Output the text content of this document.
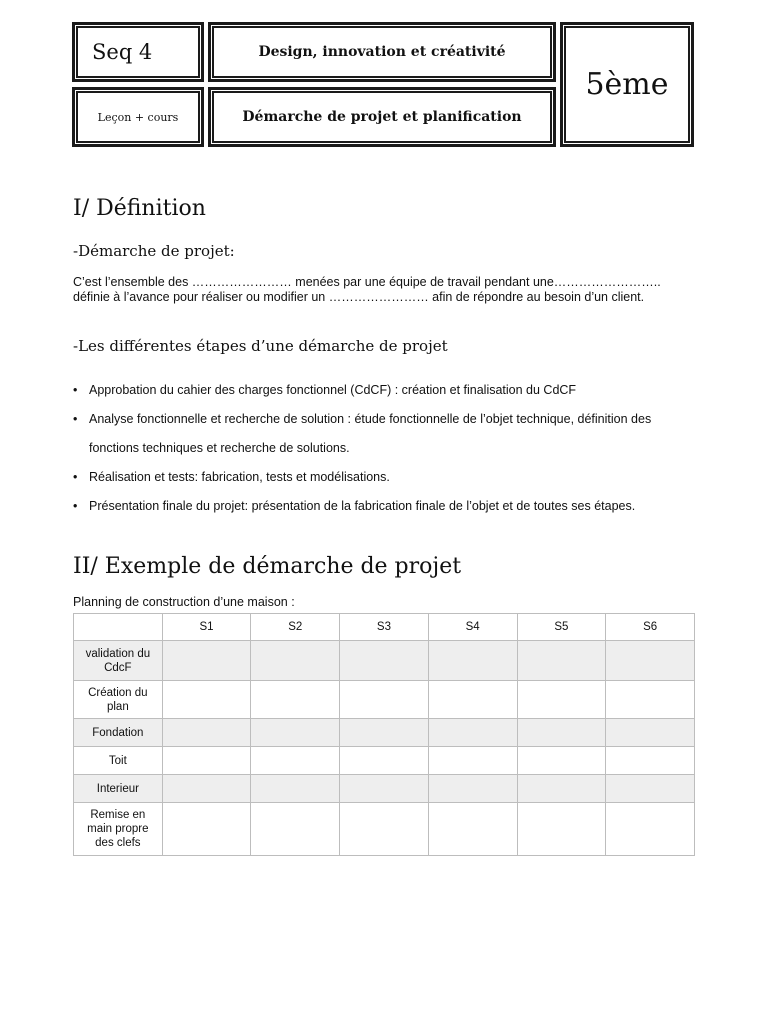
Seq 4	Design, innovation et créativité
Leçon + cours	Démarche de projet et planification
5ème
I/ Définition
-Démarche de projet:

C’est l’ensemble des …………………… menées par une équipe de travail pendant une…………………….. définie à l’avance pour réaliser ou modifier un …………………… afin de répondre au besoin d’un client.

-Les différentes étapes d’une démarche de projet
• Approbation du cahier des charges fonctionnel (CdCF) : création et finalisation du CdCF
• Analyse fonctionnelle et recherche de solution : étude fonctionnelle de l’objet technique, définition des fonctions techniques et recherche de solutions.
• Réalisation et tests: fabrication, tests et modélisations.
• Présentation finale du projet: présentation de la fabrication finale de l’objet et de toutes ses étapes.
II/ Exemple de démarche de projet
Planning de construction d’une maison :
	S1	S2	S3	S4	S5	S6
validation du CdcF						
Création du plan						
Fondation						
Toit						
Interieur						
Remise en main propre des clefs						
